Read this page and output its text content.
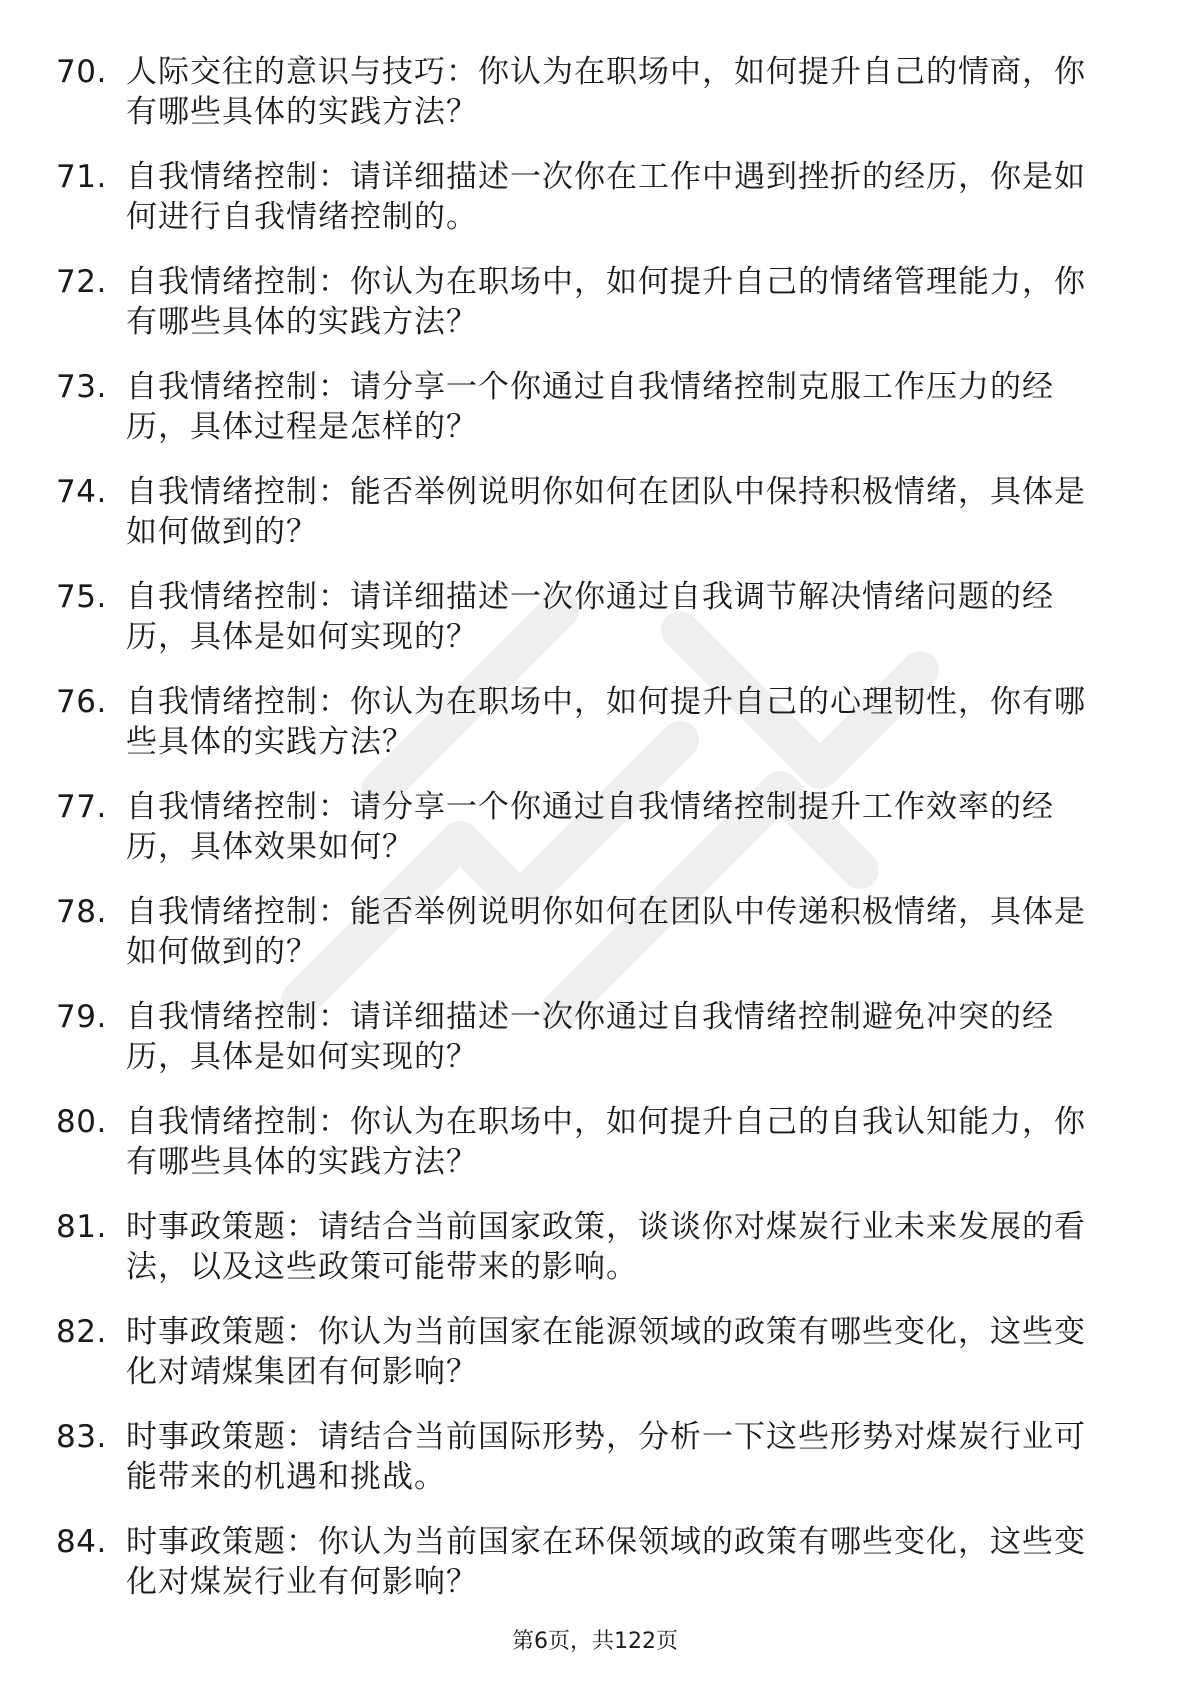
70. 人际交往的意识与技巧：你认为在职场中，如何提升自己的情商，你有哪些具体的实践方法？
71. 自我情绪控制：请详细描述一次你在工作中遇到挫折的经历，你是如何进行自我情绪控制的。
72. 自我情绪控制：你认为在职场中，如何提升自己的情绪管理能力，你有哪些具体的实践方法？
73. 自我情绪控制：请分享一个你通过自我情绪控制克服工作压力的经历，具体过程是怎样的？
74. 自我情绪控制：能否举例说明你如何在团队中保持积极情绪，具体是如何做到的？
75. 自我情绪控制：请详细描述一次你通过自我调节解决情绪问题的经历，具体是如何实现的？
76. 自我情绪控制：你认为在职场中，如何提升自己的心理韧性，你有哪些具体的实践方法？
77. 自我情绪控制：请分享一个你通过自我情绪控制提升工作效率的经历，具体效果如何？
78. 自我情绪控制：能否举例说明你如何在团队中传递积极情绪，具体是如何做到的？
79. 自我情绪控制：请详细描述一次你通过自我情绪控制避免冲突的经历，具体是如何实现的？
80. 自我情绪控制：你认为在职场中，如何提升自己的自我认知能力，你有哪些具体的实践方法？
81. 时事政策题：请结合当前国家政策，谈谈你对煤炭行业未来发展的看法，以及这些政策可能带来的影响。
82. 时事政策题：你认为当前国家在能源领域的政策有哪些变化，这些变化对靖煤集团有何影响？
83. 时事政策题：请结合当前国际形势，分析一下这些形势对煤炭行业可能带来的机遇和挑战。
84. 时事政策题：你认为当前国家在环保领域的政策有哪些变化，这些变化对煤炭行业有何影响？
第6页，共122页
